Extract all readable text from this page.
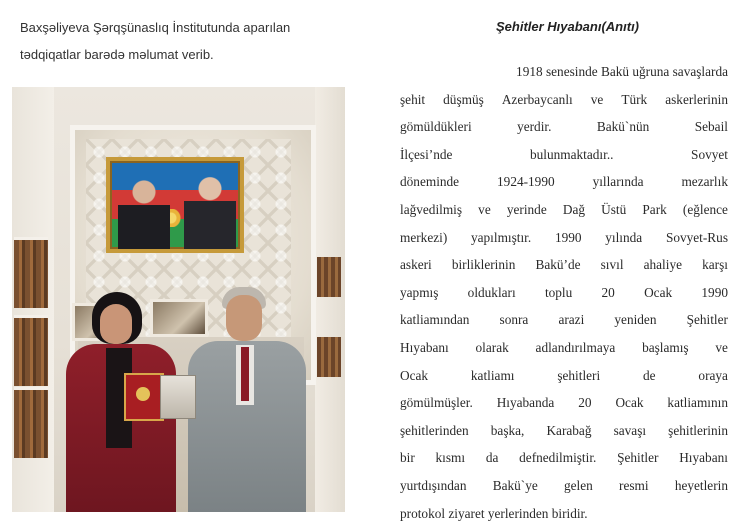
Baxşəliyeva Şərqşünaslıq İnstitutunda aparılan
tədqiqatlar barədə məlumat verib.
Şehitler Hıyabanı(Anıtı)
1918 senesinde Bakü uğruna savaşlarda
şehit düşmüş Azerbaycanlı ve Türk askerlerinin
gömüldükleri	yerdir.	Bakü`nün	Sebail
İlçesi’nde	bulunmaktadır..	Sovyet
döneminde	1924-1990	yıllarında	mezarlık
lağvedilmiş ve yerinde Dağ Üstü Park (eğlence
merkezi) yapılmıştır. 1990 yılında Sovyet-Rus
askeri birliklerinin Bakü’de sıvıl ahaliye karşı
yapmış oldukları toplu 20 Ocak 1990
katliamından sonra arazi yeniden Şehitler
Hıyabanı olarak adlandırılmaya başlamış ve
Ocak	katliamı	şehitleri	de	oraya
gömülmüşler. Hıyabanda 20 Ocak katliamının
şehitlerinden başka, Karabağ savaşı şehitlerinin
bir kısmı da defnedilmiştir. Şehitler Hıyabanı
yurtdışından Bakü`ye gelen resmi heyetlerin
protokol ziyaret yerlerinden biridir.
